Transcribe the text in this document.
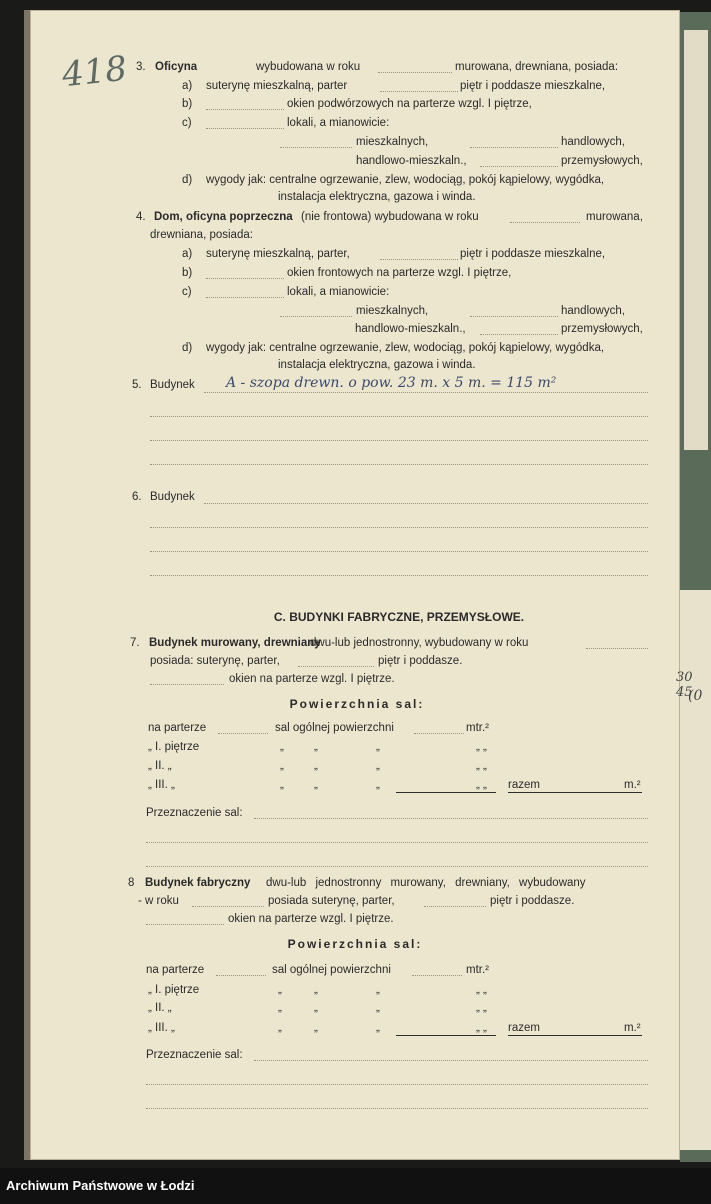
418
30 45
(0
3. Oficyna	wybudowana w roku	murowana, drewniana, posiada:
a) suterynę mieszkalną, parter	piętr i poddasze mieszkalne,
b)	okien podwórzowych na parterze wzgl. I piętrze,
c)	lokali, a mianowicie:
mieszkalnych,	handlowych,
handlowo-mieszkaln.,	przemysłowych,
d) wygody jak: centralne ogrzewanie, zlew, wodociąg, pokój kąpielowy, wygódka,
instalacja elektryczna, gazowa i winda.
4. Dom, oficyna poprzeczna (nie frontowa) wybudowana w roku	murowana,
drewniana, posiada:
a) suterynę mieszkalną, parter,	piętr i poddasze mieszkalne,
b)	okien frontowych na parterze wzgl. I piętrze,
c)	lokali, a mianowicie:
mieszkalnych,	handlowych,
handlowo-mieszkaln.,	przemysłowych,
d) wygody jak: centralne ogrzewanie, zlew, wodociąg, pokój kąpielowy, wygódka,
instalacja elektryczna, gazowa i winda.
5. Budynek A - szopa drewn. o pow. 23 m. x 5 m. = 115 m²
6. Budynek
C. BUDYNKI FABRYCZNE, PRZEMYSŁOWE.
7. Budynek murowany, drewniany
dwu-lub jednostronny, wybudowany w roku
posiada: suterynę, parter,	piętr i poddasze.
okien na parterze wzgl. I piętrze.
Powierzchnia sal:
na parterze	sal ogólnej powierzchni	mtr.²
„ I. piętrze	„	„	„	„ „
„ II. „	„	„	„	„ „
„ III. „	„	„	„	„ „ razem	m.²
Przeznaczenie sal:
8 Budynek fabryczny dwu-lub jednostronny murowany, drewniany, wybudowany
- w roku	posiada suterynę, parter,	piętr i poddasze.
okien na parterze wzgl. I piętrze.
Powierzchnia sal:
na parterze	sal ogólnej powierzchni	mtr.²
„ I. piętrze	„	„	„	„ „
„ II. „	„	„	„	„ „
„ III. „	„	„	„	„ „ razem	m.²
Przeznaczenie sal:
Archiwum Państwowe w Łodzi
